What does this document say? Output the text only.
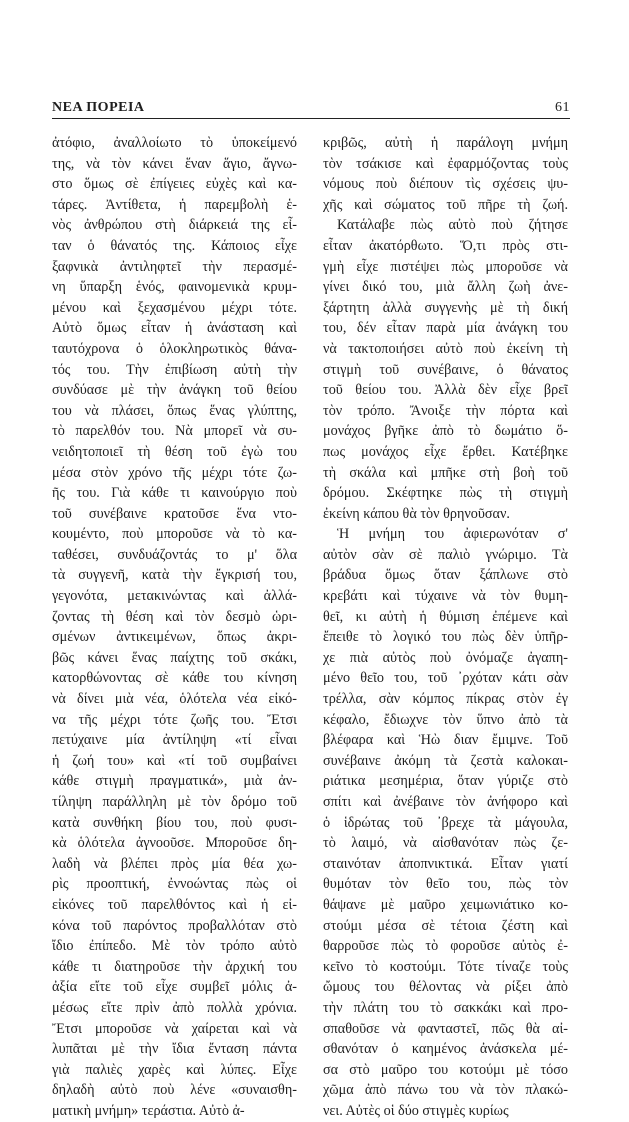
ΝΕΑ ΠΟΡΕΙΑ	61
ἀτόφιο, ἀναλλοίωτο τὸ ὑποκείμενό
της, νὰ τὸν κάνει ἕναν ἅγιο, ἄγνω-
στο ὅμως σὲ ἐπίγειες εὐχὲς καὶ κα-
τάρες. Ἀντίθετα, ἡ παρεμβολὴ ἑ-
νὸς ἀνθρώπου στὴ διάρκειά της εἶ-
ταν ὁ θάνατός της. Κάποιος εἶχε
ξαφνικὰ ἀντιληφτεῖ τὴν περασμέ-
νη ὕπαρξη ἑνός, φαινομενικὰ κρυμ-
μένου καὶ ξεχασμένου μέχρι τότε.
Αὐτὸ ὅμως εἶταν ἡ ἀνάσταση καὶ
ταυτόχρονα ὁ ὁλοκληρωτικὸς θάνα-
τός του. Τὴν ἐπιβίωση αὐτὴ τὴν
συνδύασε μὲ τὴν ἀνάγκη τοῦ θείου
του νὰ πλάσει, ὅπως ἕνας γλύπτης,
τὸ παρελθόν του. Νὰ μπορεῖ νὰ συ-
νειδητοποιεῖ τὴ θέση τοῦ ἐγὼ του
μέσα στὸν χρόνο τῆς μέχρι τότε ζω-
ῆς του. Γιὰ κάθε τι καινούργιο ποὺ
τοῦ συνέβαινε κρατοῦσε ἕνα ντο-
κουμέντο, ποὺ μποροῦσε νὰ τὸ κα-
ταθέσει, συνδυάζοντάς το μ' ὅλα
τὰ συγγενῆ, κατὰ τὴν ἔγκρισή του,
γεγονότα, μετακινώντας καὶ ἀλλά-
ζοντας τὴ θέση καὶ τὸν δεσμὸ ὡρι-
σμένων ἀντικειμένων, ὅπως ἀκρι-
βῶς κάνει ἕνας παίχτης τοῦ σκάκι,
κατορθώνοντας σὲ κάθε του κίνηση
νὰ δίνει μιὰ νέα, ὁλότελα νέα εἰκό-
να τῆς μέχρι τότε ζωῆς του. Ἔτσι
πετύχαινε μία ἀντίληψη «τί εἶναι
ἡ ζωή του» καὶ «τί τοῦ συμβαίνει
κάθε στιγμὴ πραγματικά», μιὰ ἀν-
τίληψη παράλληλη μὲ τὸν δρόμο τοῦ
κατὰ συνθήκη βίου του, ποὺ φυσι-
κὰ ὁλότελα ἀγνοοῦσε. Μποροῦσε δη-
λαδὴ νὰ βλέπει πρὸς μία θέα χω-
ρὶς προοπτική, ἐννοώντας πὼς οἱ
εἰκόνες τοῦ παρελθόντος καὶ ἡ εἰ-
κόνα τοῦ παρόντος προβαλλόταν στὸ
ἴδιο ἐπίπεδο. Μὲ τὸν τρόπο αὐτὸ
κάθε τι διατηροῦσε τὴν ἀρχική του
ἀξία εἴτε τοῦ εἶχε συμβεῖ μόλις ἀ-
μέσως εἴτε πρὶν ἀπὸ πολλὰ χρόνια.
Ἔτσι μποροῦσε νὰ χαίρεται καὶ νὰ
λυπᾶται μὲ τὴν ἴδια ἔνταση πάντα
γιὰ παλιὲς χαρὲς καὶ λύπες. Εἶχε
δηλαδὴ αὐτὸ ποὺ λένε «συναισθη-
ματικὴ μνήμη» τεράστια. Αὐτὸ ἀ-
κριβῶς, αὐτὴ ἡ παράλογη μνήμη
τὸν τσάκισε καὶ ἐφαρμόζοντας τοὺς
νόμους ποὺ διέπουν τὶς σχέσεις ψυ-
χῆς καὶ σώματος τοῦ πῆρε τὴ ζωή.
Κατάλαβε πὼς αὐτὸ ποὺ ζήτησε
εἶταν ἀκατόρθωτο. Ὅ,τι πρὸς στι-
γμὴ εἶχε πιστέψει πὼς μποροῦσε νὰ
γίνει δικό του, μιὰ ἄλλη ζωὴ ἀνε-
ξάρτητη ἀλλὰ συγγενὴς μὲ τὴ δική
του, δέν εἶταν παρὰ μία ἀνάγκη του
νὰ τακτοποιήσει αὐτὸ ποὺ ἐκείνη τὴ
στιγμὴ τοῦ συνέβαινε, ὁ θάνατος
τοῦ θείου του. Ἀλλὰ δὲν εἶχε βρεῖ
τὸν τρόπο. Ἄνοιξε τὴν πόρτα καὶ
μονάχος βγῆκε ἀπὸ τὸ δωμάτιο ὅ-
πως μονάχος εἶχε ἔρθει. Κατέβηκε
τὴ σκάλα καὶ μπῆκε στὴ βοὴ τοῦ
δρόμου. Σκέφτηκε πὼς τὴ στιγμὴ
ἐκείνη κάπου θὰ τὸν θρηνοῦσαν.
Ἡ μνήμη του ἀφιερωνόταν σ'
αὐτὸν σὰν σὲ παλιὸ γνώριμο. Τὰ
βράδυα ὅμως ὅταν ξάπλωνε στὸ
κρεβάτι καὶ τύχαινε νὰ τὸν θυμη-
θεῖ, κι αὐτὴ ἡ θύμιση ἐπέμενε καὶ
ἔπειθε τὸ λογικό του πὼς δὲν ὑπῆρ-
χε πιὰ αὐτὸς ποὺ ὀνόμαζε ἀγαπη-
μένο θεῖο του, τοῦ ᾽ρχόταν κάτι σὰν
τρέλλα, σὰν κόμπος πίκρας στὸν ἐγ
κέφαλο, ἔδιωχνε τὸν ὕπνο ἀπὸ τὰ
βλέφαρα καὶ Ἡὼ διαν ἔμιμνε. Τοῦ
συνέβαινε ἀκόμη τὰ ζεστὰ καλοκαι-
ριάτικα μεσημέρια, ὅταν γύριζε στὸ
σπίτι καὶ ἀνέβαινε τὸν ἀνήφορο καὶ
ὁ ἱδρώτας τοῦ ᾽βρεχε τὰ μάγουλα,
τὸ λαιμό, νὰ αἰσθανόταν πὼς ζε-
σταινόταν ἀποπνικτικά. Εἶταν γιατί
θυμόταν τὸν θεῖο του, πὼς τὸν
θάψανε μὲ μαῦρο χειμωνιάτικο κο-
στούμι μέσα σὲ τέτοια ζέστη καὶ
θαρροῦσε πὼς τὸ φοροῦσε αὐτὸς ἐ-
κεῖνο τὸ κοστούμι. Τότε τίναζε τοὺς
ὤμους του θέλοντας νὰ ρίξει ἀπὸ
τὴν πλάτη του τὸ σακκάκι καὶ προ-
σπαθοῦσε νὰ φανταστεῖ, πῶς θὰ αἰ-
σθανόταν ὁ καημένος ἀνάσκελα μέ-
σα στὸ μαῦρο του κοτούμι μὲ τόσο
χῶμα ἀπὸ πάνω του νὰ τὸν πλακώ-
νει. Αὐτὲς οἱ δύο στιγμὲς κυρίως
